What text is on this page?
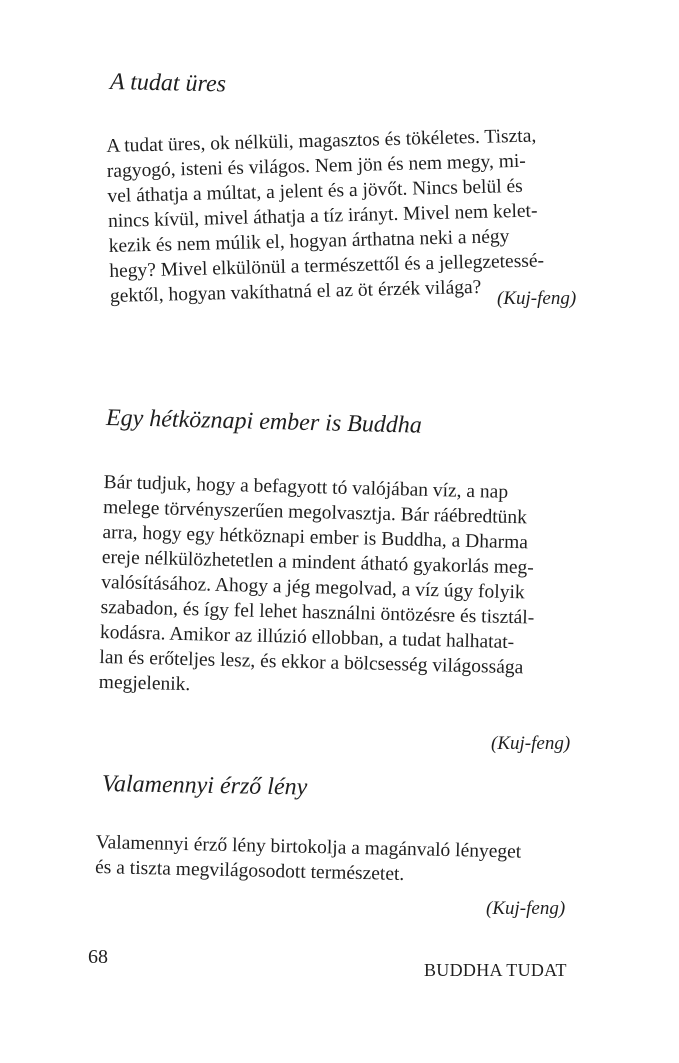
A tudat üres

A tudat üres, ok nélküli, magasztos és tökéletes. Tiszta,

ragyogó, isteni és világos. Nem jön és nem megy, mi-

vel áthatja a múltat, a jelent és a jövőt. Nincs belül és

nincs kívül, mivel áthatja a tíz irányt. Mivel nem kelet-

kezik és nem múlik el, hogyan árthatna neki a négy

hegy? Mivel elkülönül a természettől és a jellegzetessé-

gektől, hogyan vakíthatná el az öt érzék világa? (Kuj-feng)
Egy hétköznapi ember is Buddha

Bár tudjuk, hogy a befagyott tó valójában víz, a nap

melege törvényszerűen megolvasztja. Bár ráébredtünk

arra, hogy egy hétköznapi ember is Buddha, a Dharma

ereje nélkülözhetetlen a mindent átható gyakorlás meg-

valósításához. Ahogy a jég megolvad, a víz úgy folyik

szabadon, és így fel lehet használni öntözésre és tisztál-

kodásra. Amikor az illúzió ellobban, a tudat halhatat-

lan és erőteljes lesz, és ekkor a bölcsesség világossága

megjelenik.

(Kuj-feng)
Valamennyi érző lény

Valamennyi érző lény birtokolja a magánvaló lényeget

és a tiszta megvilágosodott természetet.

(Kuj-feng)
68
BUDDHA TUDAT
